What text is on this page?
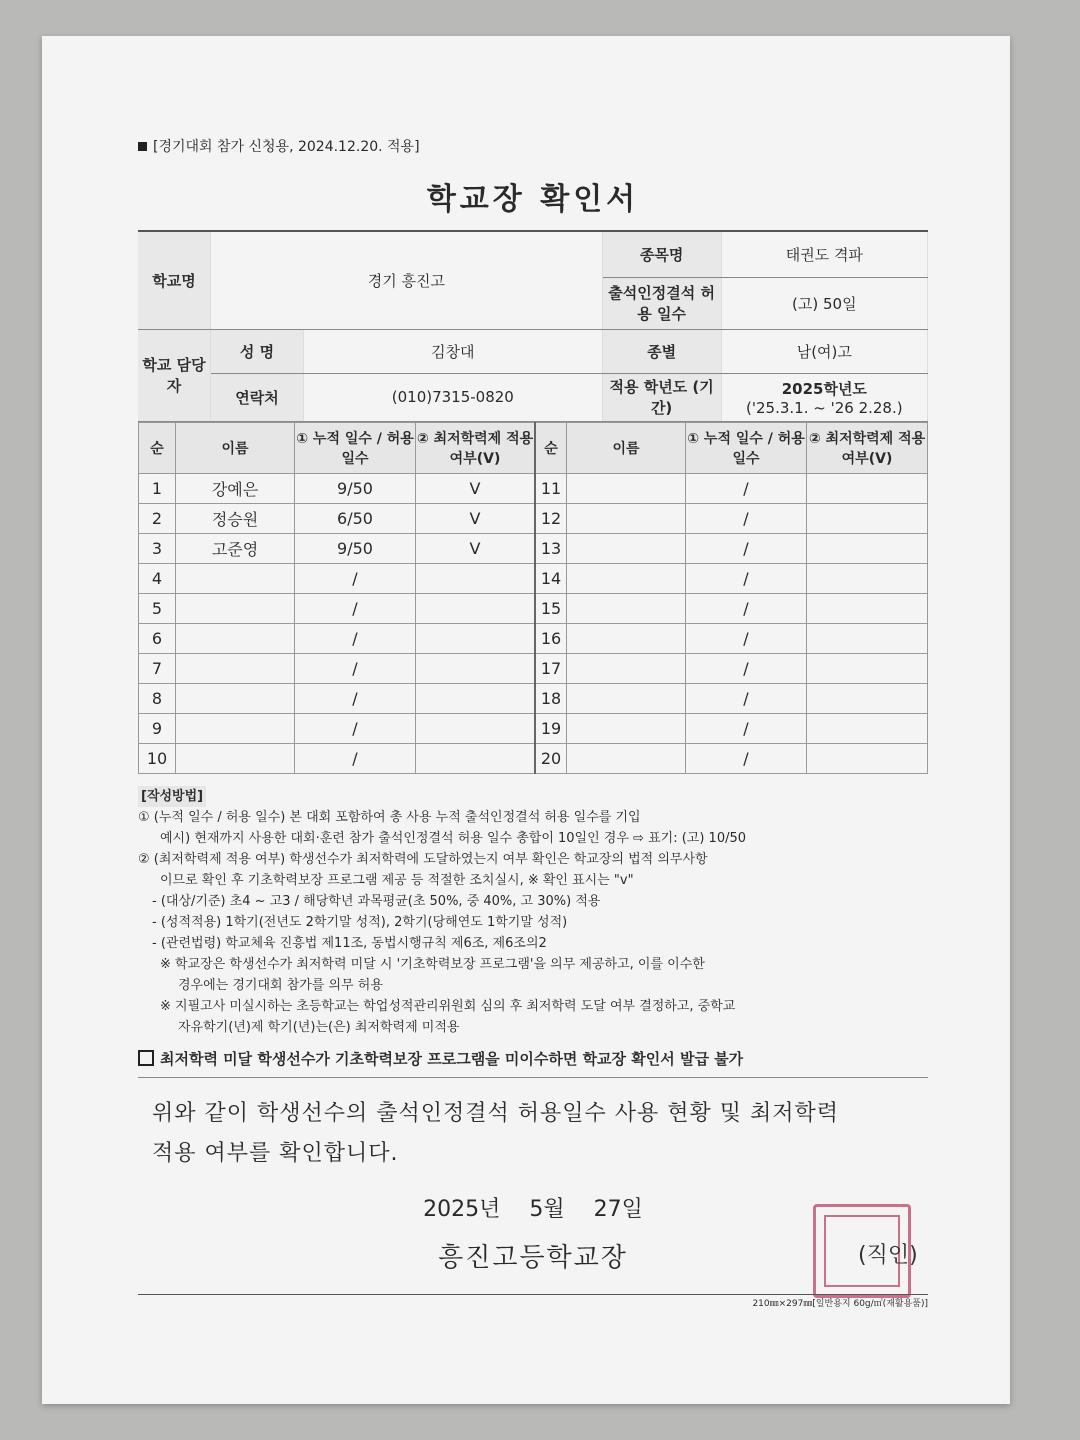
[경기대회 참가 신청용, 2024.12.20. 적용]
학교장 확인서
학교명	경기 흥진고		종목명	태권도 격파
			출석인정결석 허용 일수	(고) 50일
학교 담당자	성 명	김창대	종별	남(여)고
	연락처	(010)7315-0820	적용 학년도 (기간)	2025학년도
('25.3.1. ~ '26 2.28.)
순	이름	① 누적 일수 / 허용 일수	② 최저학력제 적용 여부(V)	순	이름	① 누적 일수 / 허용 일수	② 최저학력제 적용 여부(V)
1	강예은	9/50	V	11		/	
2	정승원	6/50	V	12		/	
3	고준영	9/50	V	13		/	
4		/		14		/	
5		/		15		/	
6		/		16		/	
7		/		17		/	
8		/		18		/	
9		/		19		/	
10		/		20		/	
[작성방법]
① (누적 일수 / 허용 일수) 본 대회 포함하여 총 사용 누적 출석인정결석 허용 일수를 기입
예시) 현재까지 사용한 대회·훈련 참가 출석인정결석 허용 일수 총합이 10일인 경우 ⇨ 표기: (고) 10/50
② (최저학력제 적용 여부) 학생선수가 최저학력에 도달하였는지 여부 확인은 학교장의 법적 의무사항
이므로 확인 후 기초학력보장 프로그램 제공 등 적절한 조치실시, ※ 확인 표시는 "v"
- (대상/기준) 초4 ~ 고3 / 해당학년 과목평균(초 50%, 중 40%, 고 30%) 적용
- (성적적용) 1학기(전년도 2학기말 성적), 2학기(당해연도 1학기말 성적)
- (관련법령) 학교체육 진흥법 제11조, 동법시행규칙 제6조, 제6조의2
※ 학교장은 학생선수가 최저학력 미달 시 '기초학력보장 프로그램'을 의무 제공하고, 이를 이수한
경우에는 경기대회 참가를 의무 허용
※ 지필고사 미실시하는 초등학교는 학업성적관리위원회 심의 후 최저학력 도달 여부 결정하고, 중학교
자유학기(년)제 학기(년)는(은) 최저학력제 미적용
최저학력 미달 학생선수가 기초학력보장 프로그램을 미이수하면 학교장 확인서 발급 불가
위와 같이 학생선수의 출석인정결석 허용일수 사용 현황 및 최저학력
적용 여부를 확인합니다.
2025년 5월 27일
흥진고등학교장	(직인)
210㎜×297㎜[일반용지 60g/㎡(재활용품)]
